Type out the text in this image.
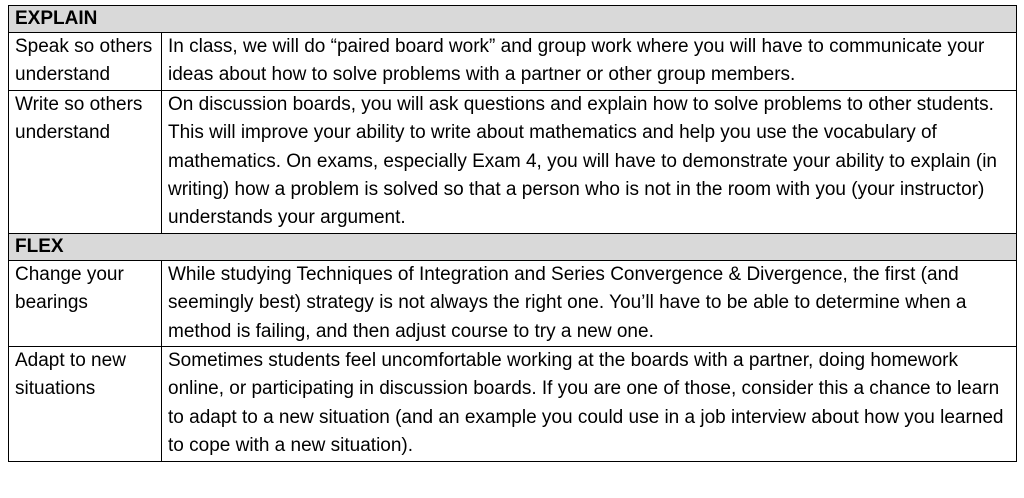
EXPLAIN	
Speak so others understand	In class, we will do “paired board work” and group work where you will have to communicate your ideas about how to solve problems with a partner or other group members.
Write so others understand	On discussion boards, you will ask questions and explain how to solve problems to other students. This will improve your ability to write about mathematics and help you use the vocabulary of mathematics. On exams, especially Exam 4, you will have to demonstrate your ability to explain (in writing) how a problem is solved so that a person who is not in the room with you (your instructor) understands your argument.
FLEX	
Change your bearings	While studying Techniques of Integration and Series Convergence & Divergence, the first (and seemingly best) strategy is not always the right one. You’ll have to be able to determine when a method is failing, and then adjust course to try a new one.
Adapt to new situations	Sometimes students feel uncomfortable working at the boards with a partner, doing homework online, or participating in discussion boards. If you are one of those, consider this a chance to learn to adapt to a new situation (and an example you could use in a job interview about how you learned to cope with a new situation).
